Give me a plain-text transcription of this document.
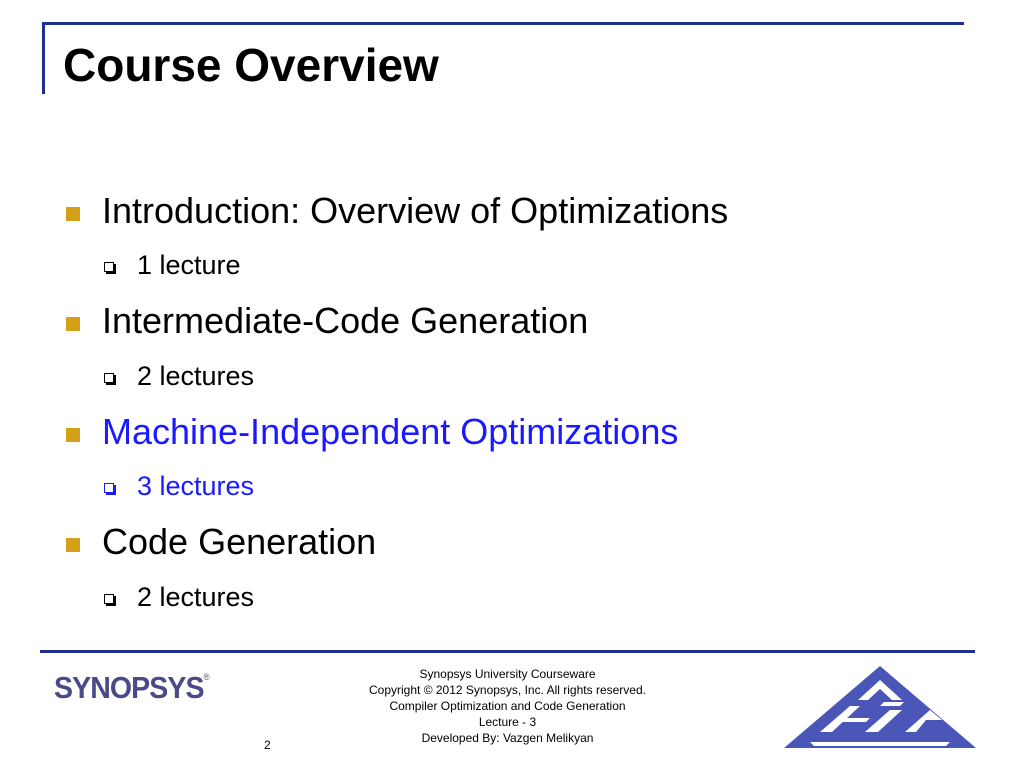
Course Overview
Introduction: Overview of Optimizations
1 lecture
Intermediate-Code Generation
2 lectures
Machine-Independent Optimizations
3 lectures
Code Generation
2 lectures
SYNOPSYS®	Synopsys University Courseware
Copyright © 2012 Synopsys, Inc. All rights reserved.
Compiler Optimization and Code Generation
Lecture - 3
Developed By: Vazgen Melikyan
2
